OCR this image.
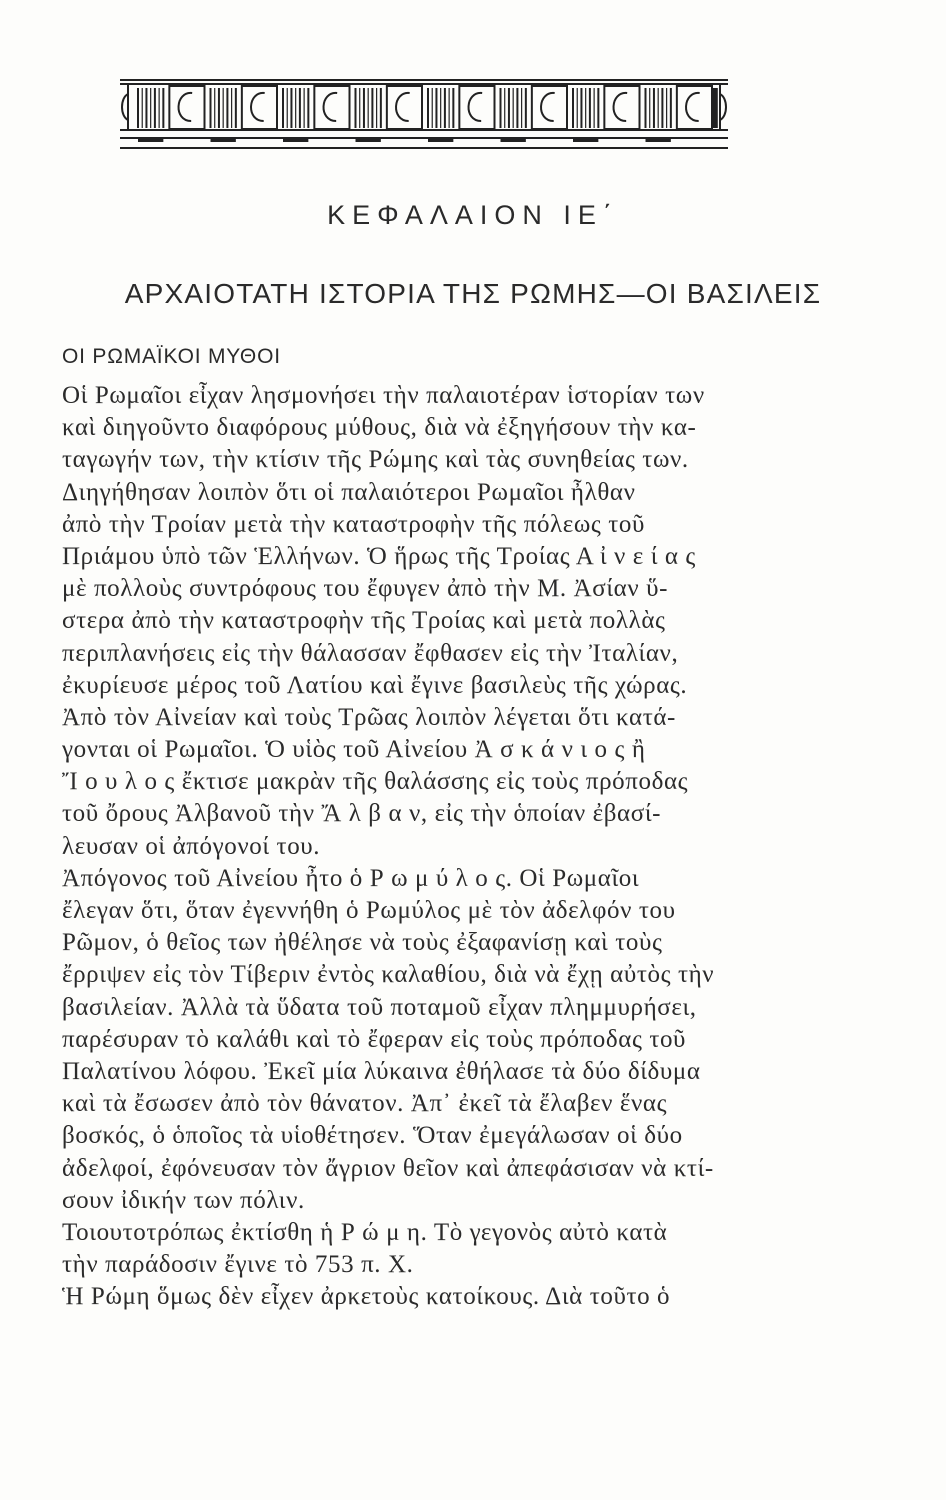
ΚΕΦΑΛΑΙΟΝ ΙΕ΄
ΑΡΧΑΙΟΤΑΤΗ ΙΣΤΟΡΙΑ ΤΗΣ ΡΩΜΗΣ—ΟΙ ΒΑΣΙΛΕΙΣ
ΟΙ ΡΩΜΑΪΚΟΙ ΜΥΘΟΙ
Οἱ Ρωμαῖοι εἶχαν λησμονήσει τὴν παλαιοτέραν ἱστορίαν των
καὶ διηγοῦντο διαφόρους μύθους, διὰ νὰ ἐξηγήσουν τὴν κα-
ταγωγήν των, τὴν κτίσιν τῆς Ρώμης καὶ τὰς συνηθείας των.
Διηγήθησαν λοιπὸν ὅτι οἱ παλαιότεροι Ρωμαῖοι ἦλθαν
ἀπὸ τὴν Τροίαν μετὰ τὴν καταστροφὴν τῆς πόλεως τοῦ
Πριάμου ὑπὸ τῶν Ἑλλήνων. Ὁ ἥρως τῆς Τροίας Α ἰ ν ε ί α ς
μὲ πολλοὺς συντρόφους του ἔφυγεν ἀπὸ τὴν Μ. Ἀσίαν ὕ-
στερα ἀπὸ τὴν καταστροφὴν τῆς Τροίας καὶ μετὰ πολλὰς
περιπλανήσεις εἰς τὴν θάλασσαν ἔφθασεν εἰς τὴν Ἰταλίαν,
ἐκυρίευσε μέρος τοῦ Λατίου καὶ ἔγινε βασιλεὺς τῆς χώρας.
Ἀπὸ τὸν Αἰνείαν καὶ τοὺς Τρῶας λοιπὸν λέγεται ὅτι κατά-
γονται οἱ Ρωμαῖοι. Ὁ υἱὸς τοῦ Αἰνείου Ἀ σ κ ά ν ι ο ς ἢ
Ἴ ο υ λ ο ς ἔκτισε μακρὰν τῆς θαλάσσης εἰς τοὺς πρόποδας
τοῦ ὄρους Ἀλβανοῦ τὴν Ἄ λ β α ν, εἰς τὴν ὁποίαν ἐβασί-
λευσαν οἱ ἀπόγονοί του.
Ἀπόγονος τοῦ Αἰνείου ἦτο ὁ Ρ ω μ ύ λ ο ς. Οἱ Ρωμαῖοι
ἔλεγαν ὅτι, ὅταν ἐγεννήθη ὁ Ρωμύλος μὲ τὸν ἀδελφόν του
Ρῶμον, ὁ θεῖος των ἠθέλησε νὰ τοὺς ἐξαφανίσῃ καὶ τοὺς
ἔρριψεν εἰς τὸν Τίβεριν ἐντὸς καλαθίου, διὰ νὰ ἔχῃ αὐτὸς τὴν
βασιλείαν. Ἀλλὰ τὰ ὕδατα τοῦ ποταμοῦ εἶχαν πλημμυρήσει,
παρέσυραν τὸ καλάθι καὶ τὸ ἔφεραν εἰς τοὺς πρόποδας τοῦ
Παλατίνου λόφου. Ἐκεῖ μία λύκαινα ἐθήλασε τὰ δύο δίδυμα
καὶ τὰ ἔσωσεν ἀπὸ τὸν θάνατον. Ἀπ᾽ ἐκεῖ τὰ ἔλαβεν ἕνας
βοσκός, ὁ ὁποῖος τὰ υἱοθέτησεν. Ὅταν ἐμεγάλωσαν οἱ δύο
ἀδελφοί, ἐφόνευσαν τὸν ἄγριον θεῖον καὶ ἀπεφάσισαν νὰ κτί-
σουν ἰδικήν των πόλιν.
Τοιουτοτρόπως ἐκτίσθη ἡ Ρ ώ μ η. Τὸ γεγονὸς αὐτὸ κατὰ
τὴν παράδοσιν ἔγινε τὸ 753 π. Χ.
Ἡ Ρώμη ὅμως δὲν εἶχεν ἀρκετοὺς κατοίκους. Διὰ τοῦτο ὁ
